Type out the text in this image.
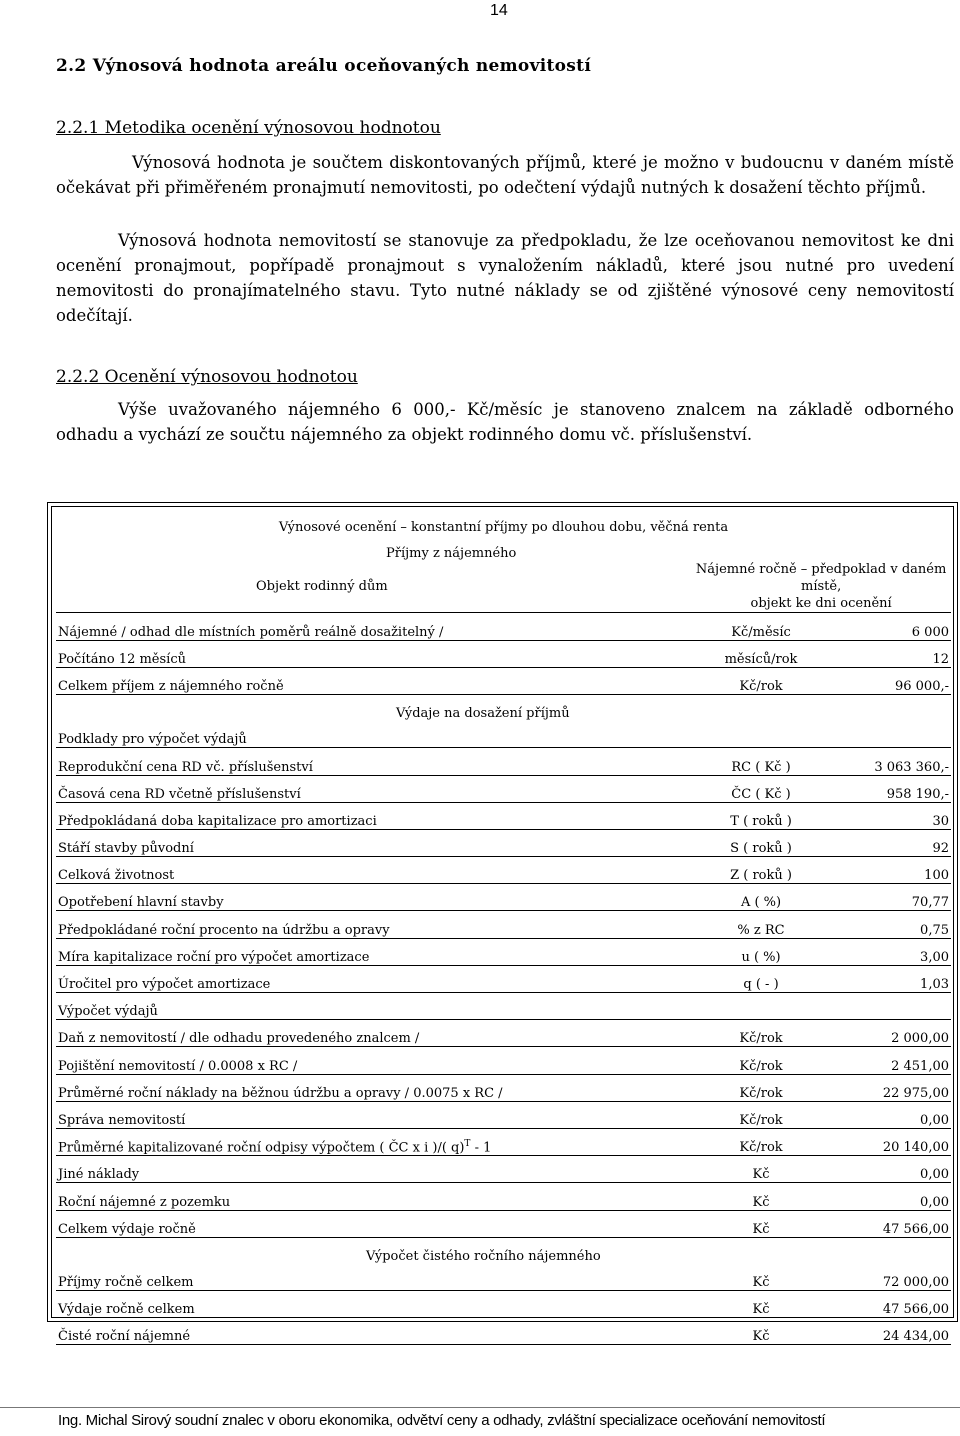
14
2.2 Výnosová hodnota areálu oceňovaných nemovitostí
2.2.1 Metodika ocenění výnosovou hodnotou
Výnosová hodnota je součtem diskontovaných příjmů, které je možno v budoucnu v daném místě očekávat při přiměřeném pronajmutí nemovitosti, po odečtení výdajů nutných k dosažení těchto příjmů.
Výnosová hodnota nemovitostí se stanovuje za předpokladu, že lze oceňovanou nemovitost ke dni ocenění pronajmout, popřípadě pronajmout s vynaložením nákladů, které jsou nutné pro uvedení nemovitosti do pronajímatelného stavu. Tyto nutné náklady se od zjištěné výnosové ceny nemovitostí odečítají.
2.2.2 Ocenění výnosovou hodnotou
Výše uvažovaného nájemného 6 000,- Kč/měsíc je stanoveno znalcem na základě odborného odhadu a vychází ze součtu nájemného za objekt rodinného domu vč. příslušenství.
Výnosové ocenění – konstantní příjmy po dlouhou dobu, věčná renta		
Příjmy z nájemného		
Objekt rodinný dům	Nájemné ročně – předpoklad v daném místě,
objekt ke dni ocenění	
Nájemné / odhad dle místních poměrů reálně dosažitelný /	Kč/měsíc	6 000
Počítáno 12 měsíců	měsíců/rok	12
Celkem příjem z nájemného ročně	Kč/rok	96 000,-
Výdaje na dosažení příjmů		
Podklady pro výpočet výdajů		
Reprodukční cena RD vč. příslušenství	RC ( Kč )	3 063 360,-
Časová cena RD včetně příslušenství	ČC ( Kč )	958 190,-
Předpokládaná doba kapitalizace pro amortizaci	T ( roků )	30
Stáří stavby původní	S ( roků )	92
Celková životnost	Z ( roků )	100
Opotřebení hlavní stavby	A ( %)	70,77
Předpokládané roční procento na údržbu a opravy	% z RC	0,75
Míra kapitalizace roční pro výpočet amortizace	u ( %)	3,00
Úročitel pro výpočet amortizace	q ( - )	1,03
Výpočet výdajů		
Daň z nemovitostí / dle odhadu provedeného znalcem /	Kč/rok	2 000,00
Pojištění nemovitostí / 0.0008 x RC /	Kč/rok	2 451,00
Průměrné roční náklady na běžnou údržbu a opravy / 0.0075 x RC /	Kč/rok	22 975,00
Správa nemovitostí	Kč/rok	0,00
Průměrné kapitalizované roční odpisy výpočtem ( ČC x i )/( q)$^T$ - 1	Kč/rok	20 140,00
Jiné náklady	Kč	0,00
Roční nájemné z pozemku	Kč	0,00
Celkem výdaje ročně	Kč	47 566,00
Výpočet čistého ročního nájemného		
Příjmy ročně celkem	Kč	72 000,00
Výdaje ročně celkem	Kč	47 566,00
Čisté roční nájemné	Kč	24 434,00
Ing. Michal Sirový soudní znalec v oboru ekonomika, odvětví ceny a odhady, zvláštní specializace oceňování nemovitostí
